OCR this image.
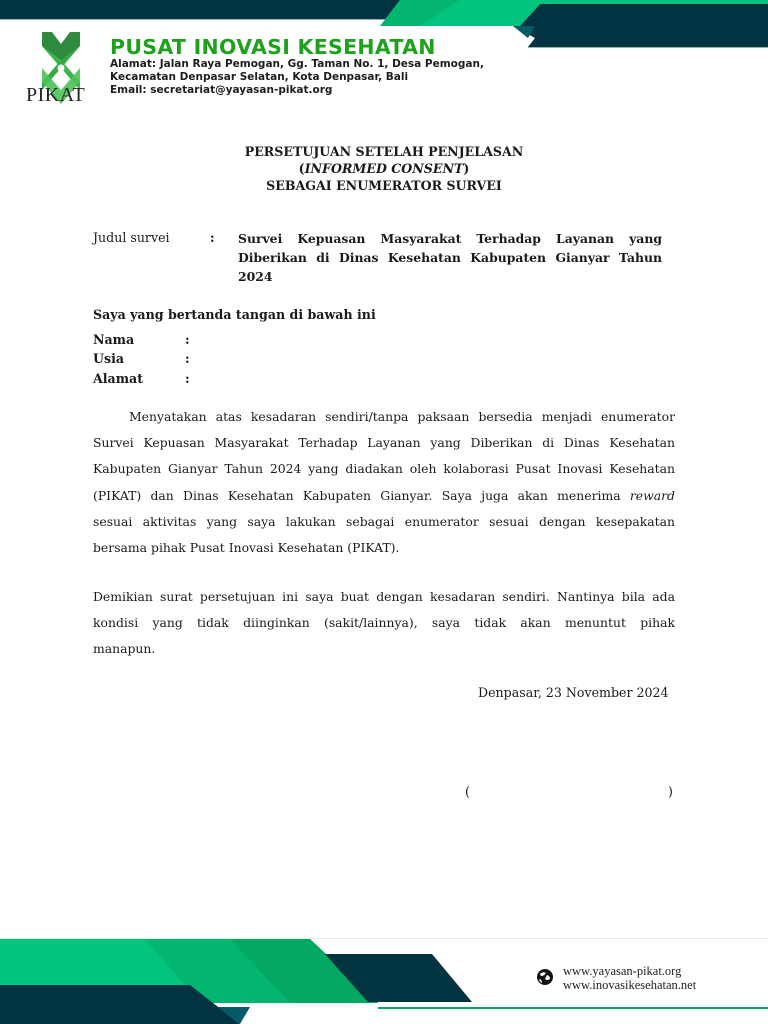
PIKAT
PUSAT INOVASI KESEHATAN
Alamat: Jalan Raya Pemogan, Gg. Taman No. 1, Desa Pemogan,
Kecamatan Denpasar Selatan, Kota Denpasar, Bali
Email: secretariat@yayasan-pikat.org
PERSETUJUAN SETELAH PENJELASAN
(INFORMED CONSENT)
SEBAGAI ENUMERATOR SURVEI
Judul survei	: Survei Kepuasan Masyarakat Terhadap Layanan yang Diberikan di Dinas Kesehatan Kabupaten Gianyar Tahun 2024
Saya yang bertanda tangan di bawah ini
Nama	:
Usia	:
Alamat	:
Menyatakan atas kesadaran sendiri/tanpa paksaan bersedia menjadi enumerator
Survei Kepuasan Masyarakat Terhadap Layanan yang Diberikan di Dinas Kesehatan
Kabupaten Gianyar Tahun 2024 yang diadakan oleh kolaborasi Pusat Inovasi Kesehatan
(PIKAT) dan Dinas Kesehatan Kabupaten Gianyar. Saya juga akan menerima reward
sesuai aktivitas yang saya lakukan sebagai enumerator sesuai dengan kesepakatan
bersama pihak Pusat Inovasi Kesehatan (PIKAT).
Demikian surat persetujuan ini saya buat dengan kesadaran sendiri. Nantinya bila ada
kondisi yang tidak diinginkan (sakit/lainnya), saya tidak akan menuntut pihak
manapun.
Denpasar, 23 November 2024
(	)
www.yayasan-pikat.org
www.inovasikesehatan.net
